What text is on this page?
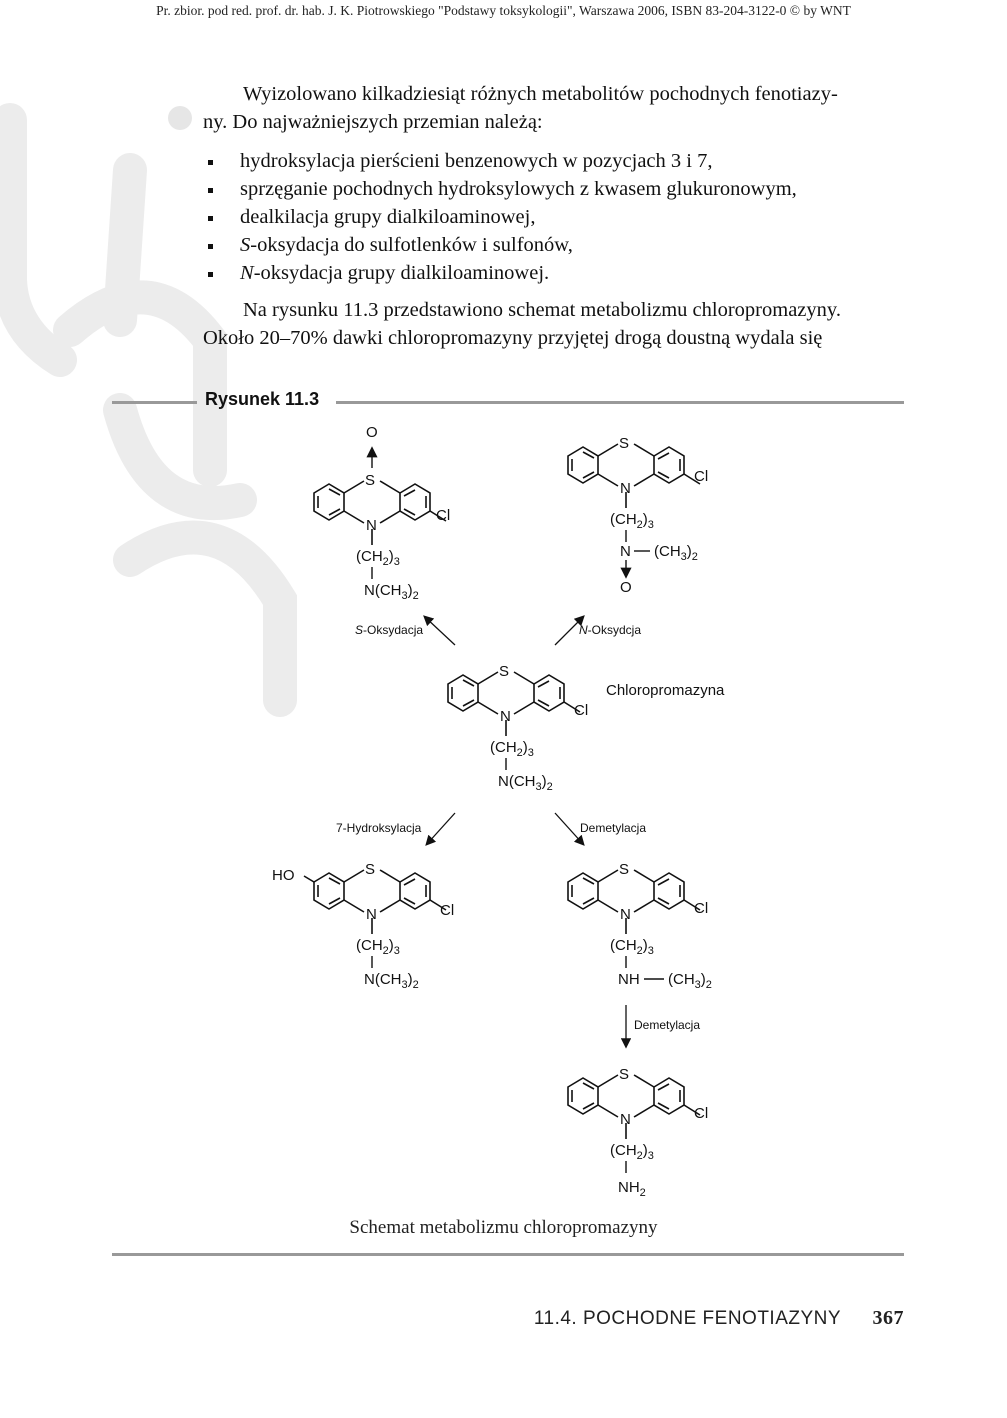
Pr. zbior. pod red. prof. dr. hab. J. K. Piotrowskiego "Podstawy toksykologii", Warszawa 2006, ISBN 83-204-3122-0 © by WNT

Wyizolowano kilkadziesiąt różnych metabolitów pochodnych fenotiazy-

ny. Do najważniejszych przemian należą:

hydroksylacja pierścieni benzenowych w pozycjach 3 i 7,
sprzęganie pochodnych hydroksylowych z kwasem glukuronowym,
dealkilacja grupy dialkiloaminowej,
S-oksydacja do sulfotlenków i sulfonów,
N-oksydacja grupy dialkiloaminowej.

Na rysunku 11.3 przedstawiono schemat metabolizmu chloropromazyny.

Około 20–70% dawki chloropromazyny przyjętej drogą doustną wydala się

Rysunek 11.3
S
N
Cl
O
$(CH_2)_3$
$N(CH_3)_2$
S
N
Cl
$(CH_2)_3$
N $(CH_3)_2$
O
S-Oksydacja	N-Oksydcja
S
N	Cl
$(CH_2)_3$
$N(CH_3)_2$
Chloropromazyna
7-Hydroksylacja	Demetylacja
HO	S
N	Cl
$(CH_2)_3$
$N(CH_3)_2$
S
N	Cl
$(CH_2)_3$
NH $(CH_3)_2$
Demetylacja
S
N	Cl
$(CH_2)_3$
$NH_2$
Schemat metabolizmu chloropromazyny
11.4. POCHODNE FENOTIAZYNY 367
